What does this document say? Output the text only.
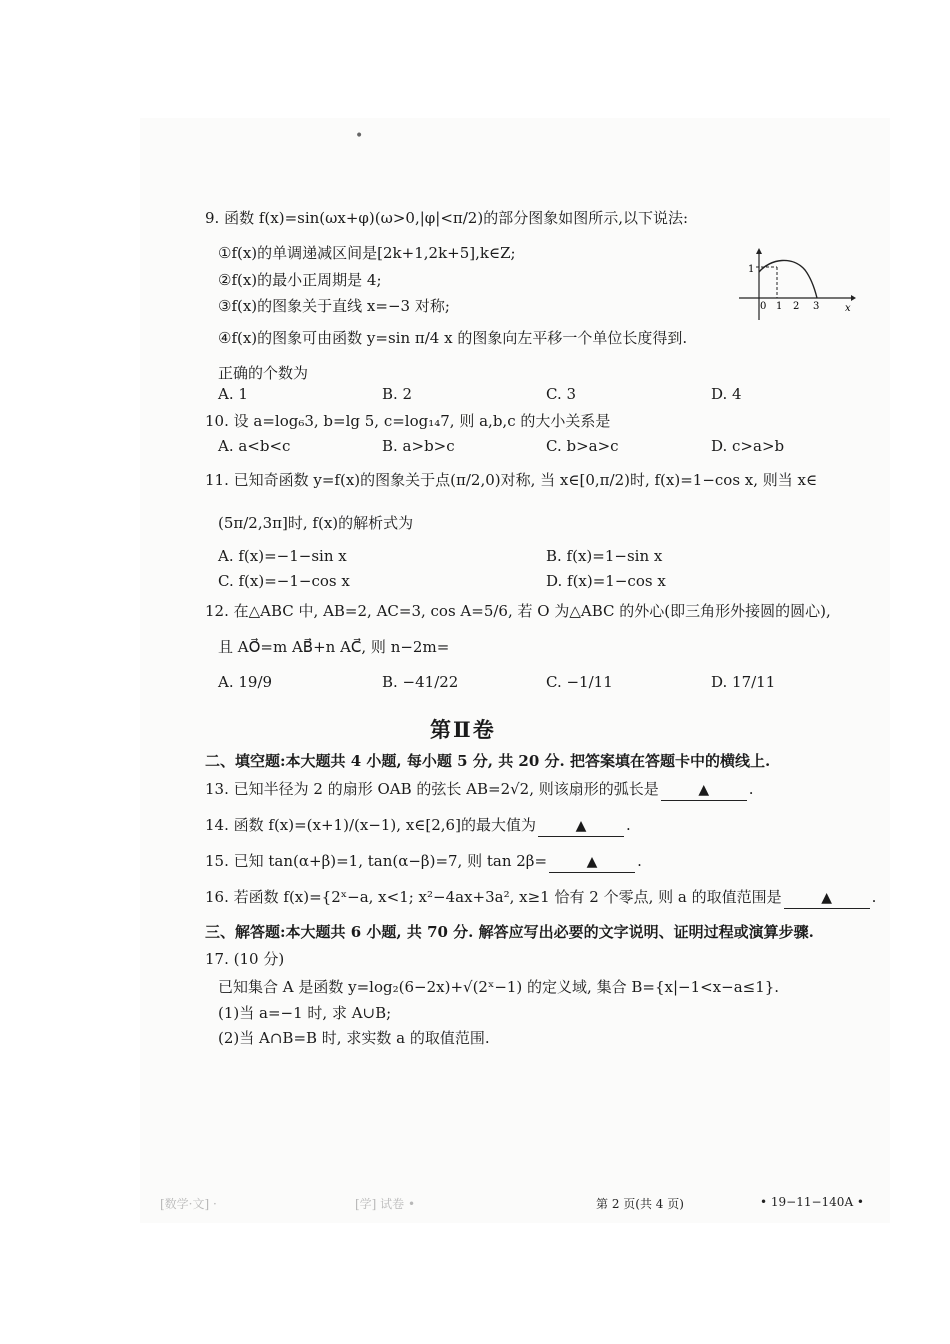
•
9. 函数 f(x)=sin(ωx+φ)(ω>0,|φ|<π/2)的部分图象如图所示,以下说法:
①f(x)的单调递减区间是[2k+1,2k+5],k∈Z;
②f(x)的最小正周期是 4;
③f(x)的图象关于直线 x=−3 对称;
④f(x)的图象可由函数 y=sin π/4 x 的图象向左平移一个单位长度得到.
正确的个数为
A. 1	B. 2	C. 3	D. 4
1
0 1 2 3	x
10. 设 a=log₆3, b=lg 5, c=log₁₄7, 则 a,b,c 的大小关系是
A. a<b<c	B. a>b>c	C. b>a>c	D. c>a>b
11. 已知奇函数 y=f(x)的图象关于点(π/2,0)对称, 当 x∈[0,π/2)时, f(x)=1−cos x, 则当 x∈
(5π/2,3π]时, f(x)的解析式为
A. f(x)=−1−sin x	B. f(x)=1−sin x
C. f(x)=−1−cos x	D. f(x)=1−cos x
12. 在△ABC 中, AB=2, AC=3, cos A=5/6, 若 O 为△ABC 的外心(即三角形外接圆的圆心),
且 AO⃗=m AB⃗+n AC⃗, 则 n−2m=
A. 19/9	B. −41/22	C. −1/11	D. 17/11
第Ⅱ卷
二、填空题:本大题共 4 小题, 每小题 5 分, 共 20 分. 把答案填在答题卡中的横线上.
13. 已知半径为 2 的扇形 OAB 的弦长 AB=2√2, 则该扇形的弧长是	▲	.
14. 函数 f(x)=(x+1)/(x−1), x∈[2,6]的最大值为	▲	.
15. 已知 tan(α+β)=1, tan(α−β)=7, 则 tan 2β=	▲	.
16. 若函数 f(x)={2ˣ−a, x<1; x²−4ax+3a², x≥1 恰有 2 个零点, 则 a 的取值范围是	▲	.
三、解答题:本大题共 6 小题, 共 70 分. 解答应写出必要的文字说明、证明过程或演算步骤.
17. (10 分)
已知集合 A 是函数 y=log₂(6−2x)+√(2ˣ−1) 的定义域, 集合 B={x|−1<x−a≤1}.
(1)当 a=−1 时, 求 A∪B;
(2)当 A∩B=B 时, 求实数 a 的取值范围.
[数学·文] ·	[学] 试卷 •	第 2 页(共 4 页)	• 19−11−140A •
